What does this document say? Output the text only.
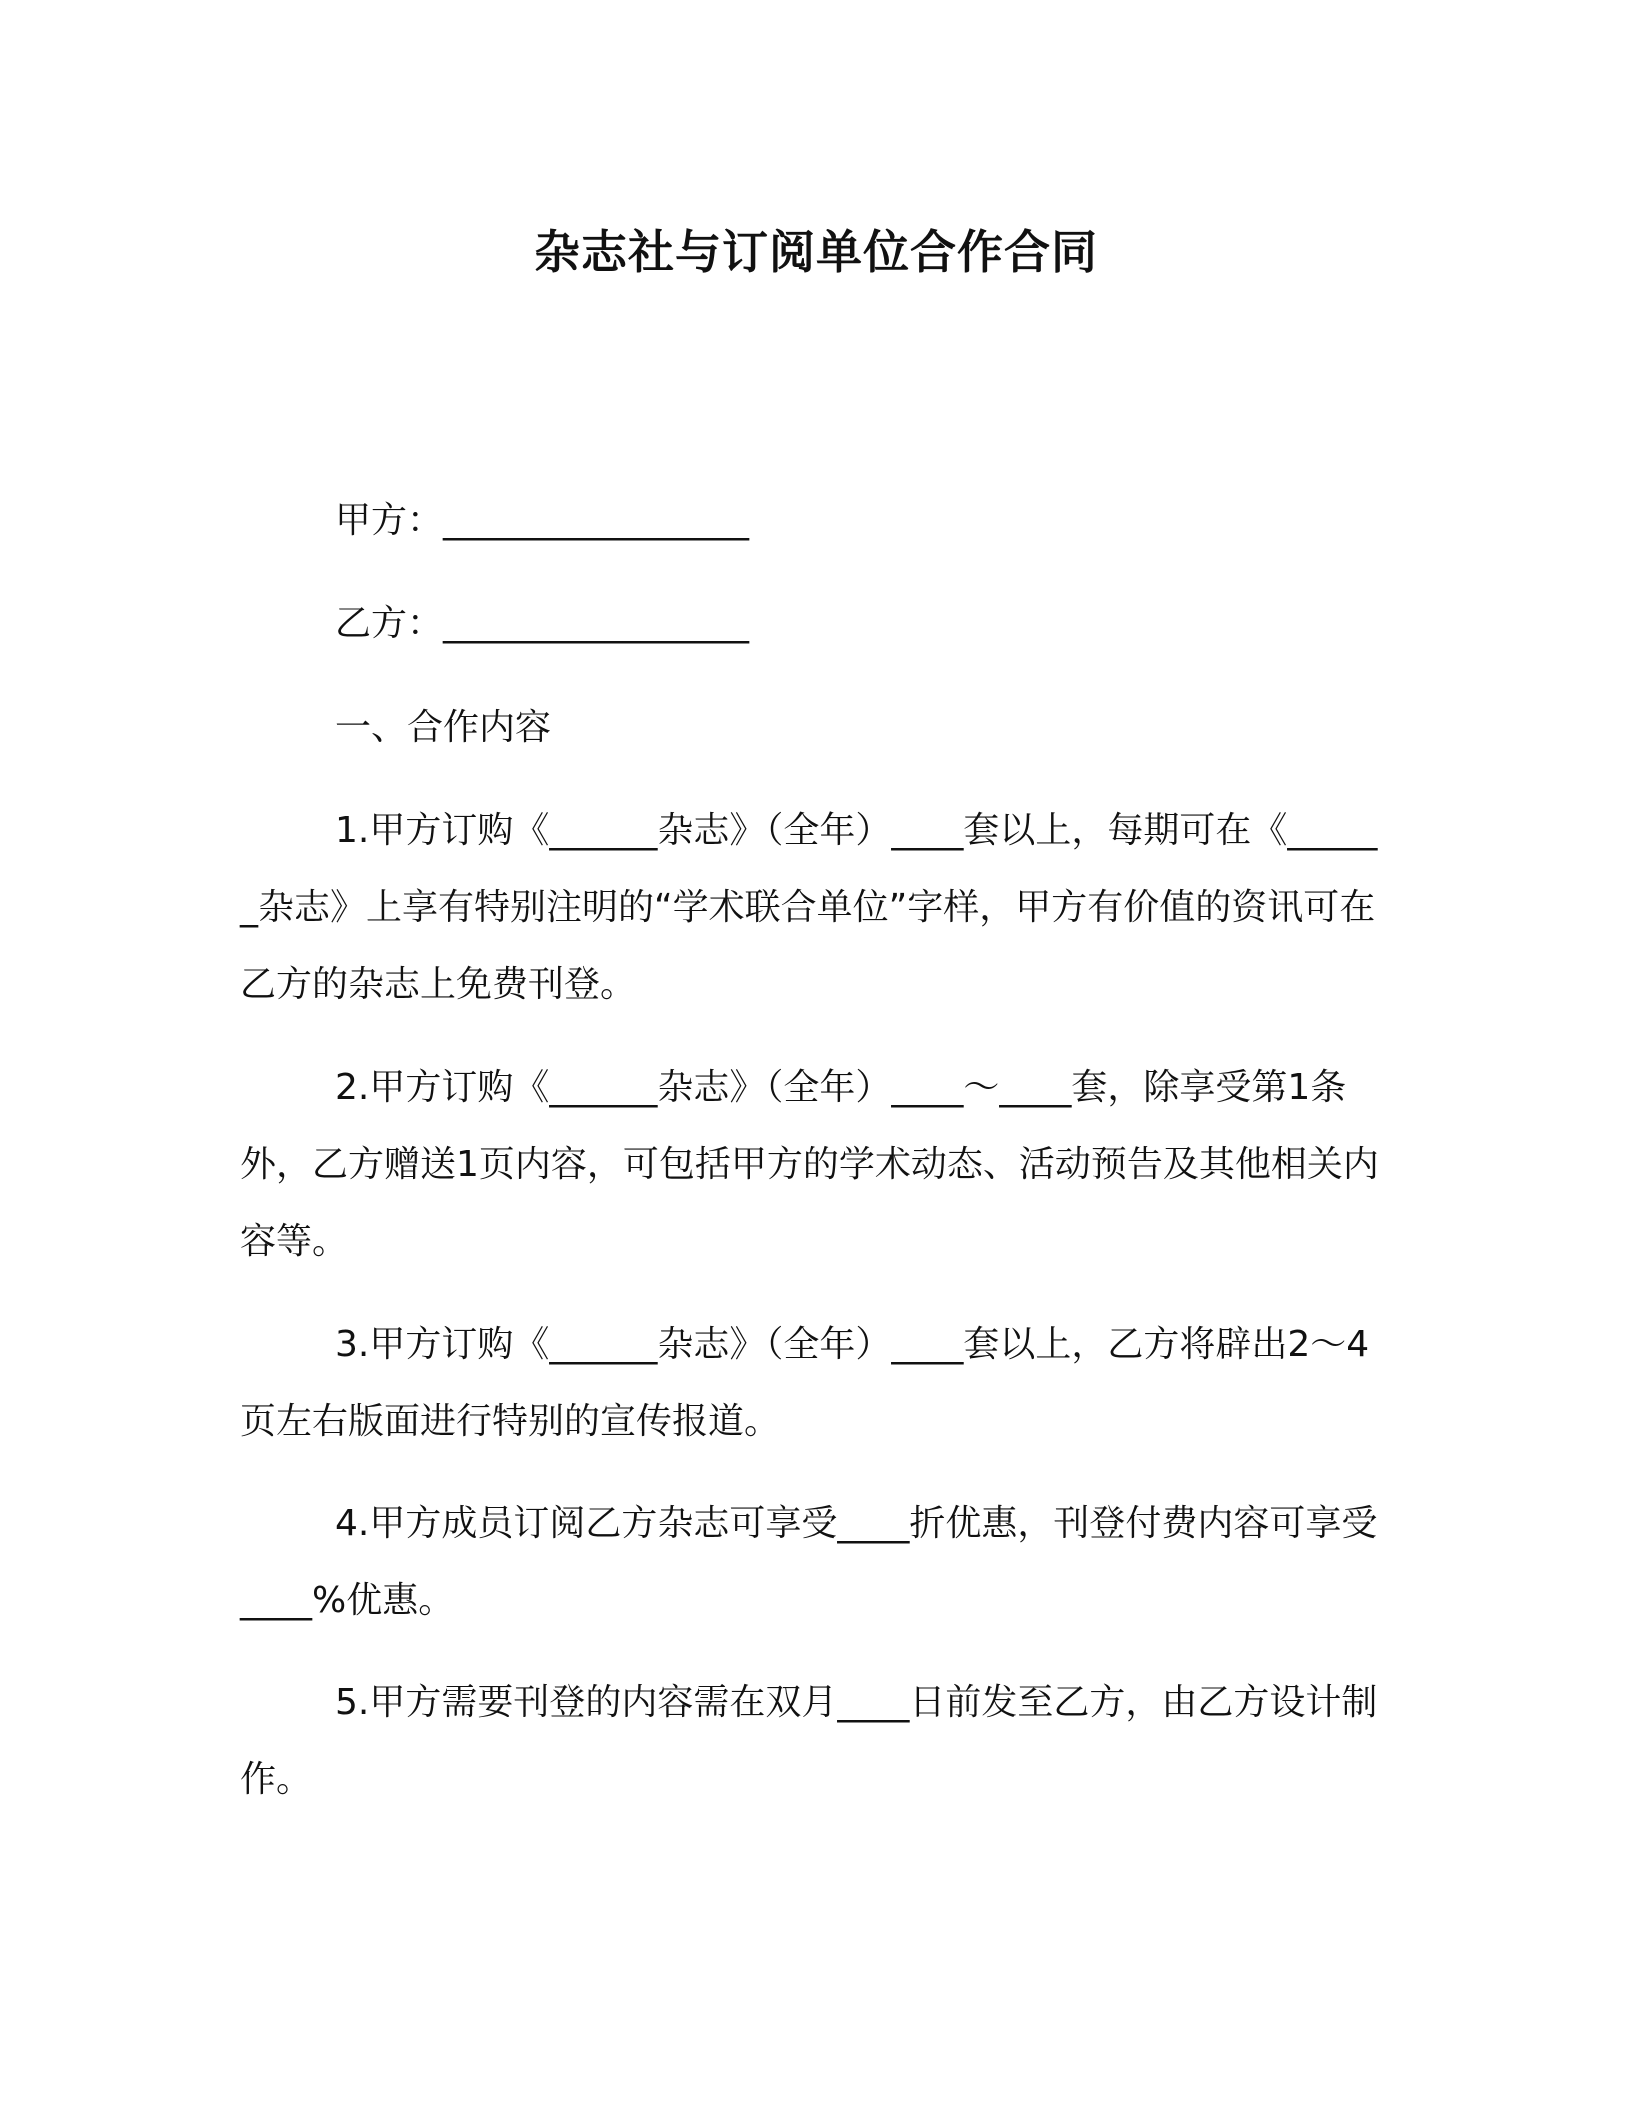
杂志社与订阅单位合作合同
甲方：_________________
乙方：_________________
一、合作内容

1.甲方订购《______杂志》（全年）____套以上，每期可在《______杂志》上享有特别注明的“学术联合单位”字样，甲方有价值的资讯可在乙方的杂志上免费刊登。

2.甲方订购《______杂志》（全年）____～____套，除享受第1条外，乙方赠送1页内容，可包括甲方的学术动态、活动预告及其他相关内容等。

3.甲方订购《______杂志》（全年）____套以上，乙方将辟出2～4页左右版面进行特别的宣传报道。

4.甲方成员订阅乙方杂志可享受____折优惠，刊登付费内容可享受____%优惠。

5.甲方需要刊登的内容需在双月____日前发至乙方，由乙方设计制作。
